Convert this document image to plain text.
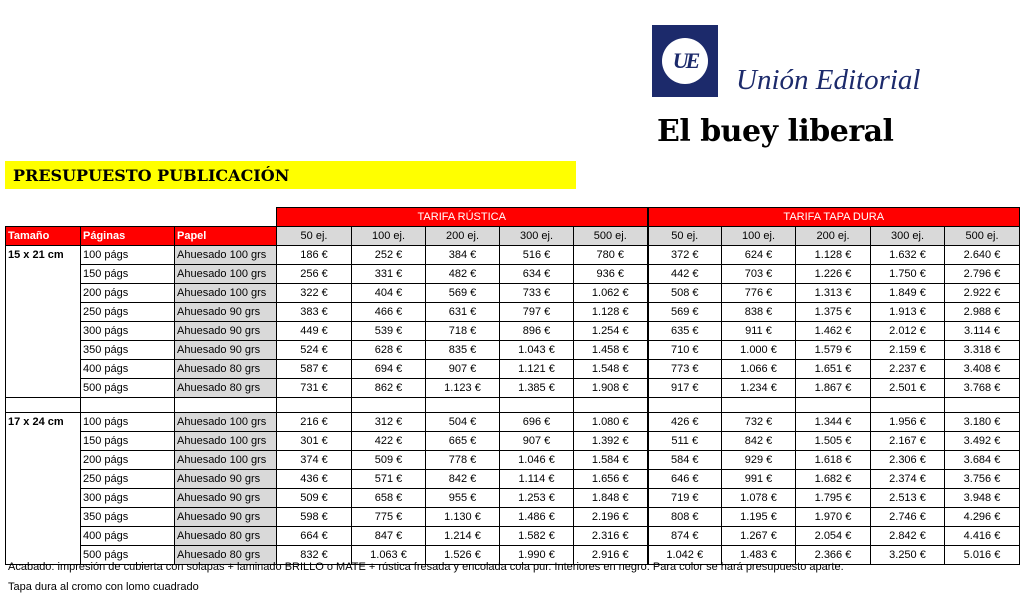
UE
Unión Editorial
El buey liberal
PRESUPUESTO PUBLICACIÓN
			TARIFA RÚSTICA					TARIFA TAPA DURA				
Tamaño	Páginas	Papel	50 ej.	100 ej.	200 ej.	300 ej.	500 ej.	50 ej.	100 ej.	200 ej.	300 ej.	500 ej.
15 x 21 cm	100 págs	Ahuesado 100 grs	186 €	252 €	384 €	516 €	780 €	372 €	624 €	1.128 €	1.632 €	2.640 €
	150 págs	Ahuesado 100 grs	256 €	331 €	482 €	634 €	936 €	442 €	703 €	1.226 €	1.750 €	2.796 €
	200 págs	Ahuesado 100 grs	322 €	404 €	569 €	733 €	1.062 €	508 €	776 €	1.313 €	1.849 €	2.922 €
	250 págs	Ahuesado 90 grs	383 €	466 €	631 €	797 €	1.128 €	569 €	838 €	1.375 €	1.913 €	2.988 €
	300 págs	Ahuesado 90 grs	449 €	539 €	718 €	896 €	1.254 €	635 €	911 €	1.462 €	2.012 €	3.114 €
	350 págs	Ahuesado 90 grs	524 €	628 €	835 €	1.043 €	1.458 €	710 €	1.000 €	1.579 €	2.159 €	3.318 €
	400 págs	Ahuesado 80 grs	587 €	694 €	907 €	1.121 €	1.548 €	773 €	1.066 €	1.651 €	2.237 €	3.408 €
	500 págs	Ahuesado 80 grs	731 €	862 €	1.123 €	1.385 €	1.908 €	917 €	1.234 €	1.867 €	2.501 €	3.768 €

17 x 24 cm	100 págs	Ahuesado 100 grs	216 €	312 €	504 €	696 €	1.080 €	426 €	732 €	1.344 €	1.956 €	3.180 €
	150 págs	Ahuesado 100 grs	301 €	422 €	665 €	907 €	1.392 €	511 €	842 €	1.505 €	2.167 €	3.492 €
	200 págs	Ahuesado 100 grs	374 €	509 €	778 €	1.046 €	1.584 €	584 €	929 €	1.618 €	2.306 €	3.684 €
	250 págs	Ahuesado 90 grs	436 €	571 €	842 €	1.114 €	1.656 €	646 €	991 €	1.682 €	2.374 €	3.756 €
	300 págs	Ahuesado 90 grs	509 €	658 €	955 €	1.253 €	1.848 €	719 €	1.078 €	1.795 €	2.513 €	3.948 €
	350 págs	Ahuesado 90 grs	598 €	775 €	1.130 €	1.486 €	2.196 €	808 €	1.195 €	1.970 €	2.746 €	4.296 €
	400 págs	Ahuesado 80 grs	664 €	847 €	1.214 €	1.582 €	2.316 €	874 €	1.267 €	2.054 €	2.842 €	4.416 €
	500 págs	Ahuesado 80 grs	832 €	1.063 €	1.526 €	1.990 €	2.916 €	1.042 €	1.483 €	2.366 €	3.250 €	5.016 €
Acabado: impresión de cubierta con solapas + laminado BRILLO o MATE + rústica fresada y encolada cola pur. Interiores en negro. Para color se hará presupuesto aparte.
Tapa dura al cromo con lomo cuadrado
